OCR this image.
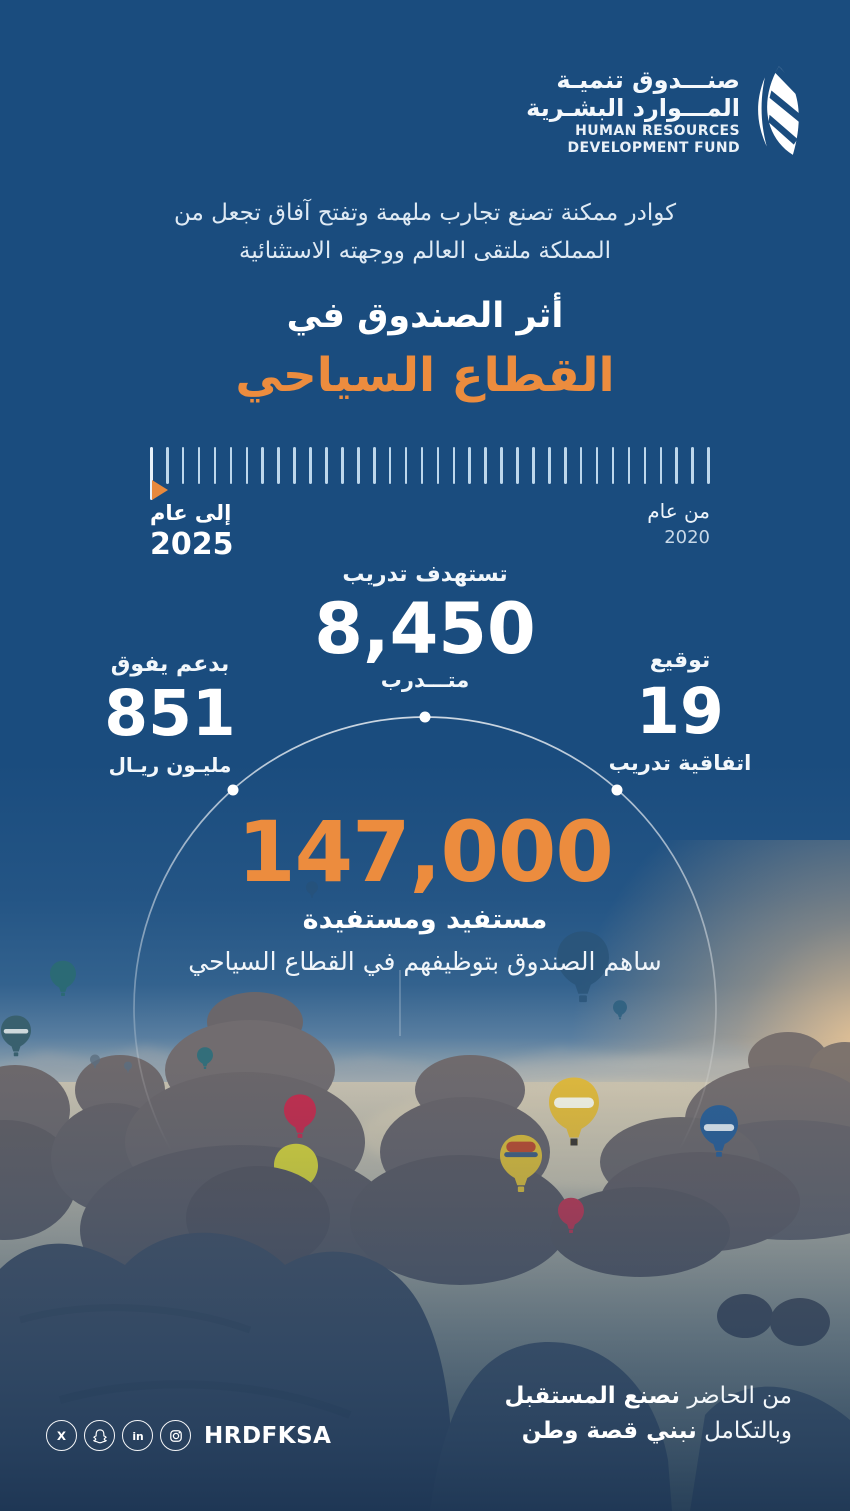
صنـــدوق تنميـة
المـــوارد البشـرية
HUMAN RESOURCES
DEVELOPMENT FUND

كوادر ممكنة تصنع تجارب ملهمة وتفتح آفاق تجعل من
المملكة ملتقى العالم ووجهته الاستثنائية

أثر الصندوق في
القطاع السياحي
إلى عام
2025
من عام
2020
تستهدف تدريب
8,450
متـــدرب
بدعم يفوق
851
مليـون ريـال
توقيع
19
اتفاقية تدريب
147,000
مستفيد ومستفيدة
ساهم الصندوق بتوظيفهم في القطاع السياحي
X	in	HRDFKSA
من الحاضر نصنع المستقبل
وبالتكامل نبني قصة وطن
